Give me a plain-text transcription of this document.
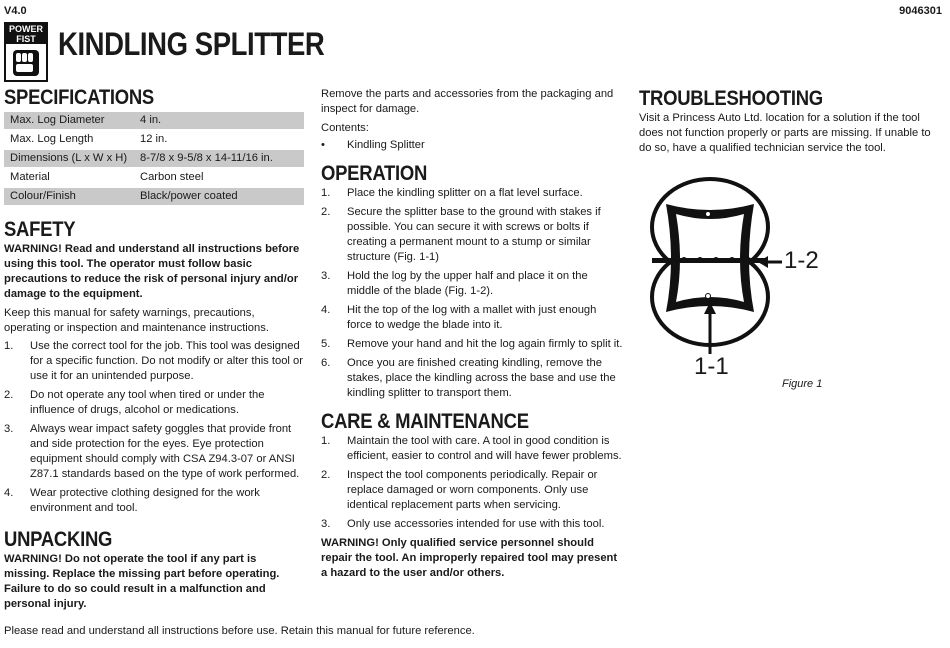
V4.0	9046301
POWER
FIST KINDLING SPLITTER
SPECIFICATIONS
Max. Log Diameter	4 in.
Max. Log Length	12 in.
Dimensions (L x W x H)	8-7/8 x 9-5/8 x 14-11/16 in.
Material	Carbon steel
Colour/Finish	Black/power coated
SAFETY

WARNING! Read and understand all instructions before using this tool. The operator must follow basic precautions to reduce the risk of personal injury and/or damage to the equipment.

Keep this manual for safety warnings, precautions, operating or inspection and maintenance instructions.

1. Use the correct tool for the job. This tool was designed for a specific function. Do not modify or alter this tool or use it for an unintended purpose.
2. Do not operate any tool when tired or under the influence of drugs, alcohol or medications.
3. Always wear impact safety goggles that provide front and side protection for the eyes. Eye protection equipment should comply with CSA Z94.3-07 or ANSI Z87.1 standards based on the type of work performed.
4. Wear protective clothing designed for the work environment and tool.
UNPACKING

WARNING! Do not operate the tool if any part is missing. Replace the missing part before operating. Failure to do so could result in a malfunction and personal injury.

Remove the parts and accessories from the packaging and inspect for damage.

Contents:

• Kindling Splitter
OPERATION
1. Place the kindling splitter on a flat level surface.
2. Secure the splitter base to the ground with stakes if possible. You can secure it with screws or bolts if creating a permanent mount to a stump or similar structure (Fig. 1-1)
3. Hold the log by the upper half and place it on the middle of the blade (Fig. 1-2).
4. Hit the top of the log with a mallet with just enough force to wedge the blade into it.
5. Remove your hand and hit the log again firmly to split it.
6. Once you are finished creating kindling, remove the stakes, place the kindling across the base and use the kindling splitter to transport them.
CARE & MAINTENANCE
1. Maintain the tool with care. A tool in good condition is efficient, easier to control and will have fewer problems.
2. Inspect the tool components periodically. Repair or replace damaged or worn components. Only use identical replacement parts when servicing.
3. Only use accessories intended for use with this tool.

WARNING! Only qualified service personnel should repair the tool. An improperly repaired tool may present a hazard to the user and/or others.

TROUBLESHOOTING

Visit a Princess Auto Ltd. location for a solution if the tool does not function properly or parts are missing. If unable to do so, have a qualified technician service the tool.

1-2
1-1
Figure 1
Please read and understand all instructions before use. Retain this manual for future reference.
